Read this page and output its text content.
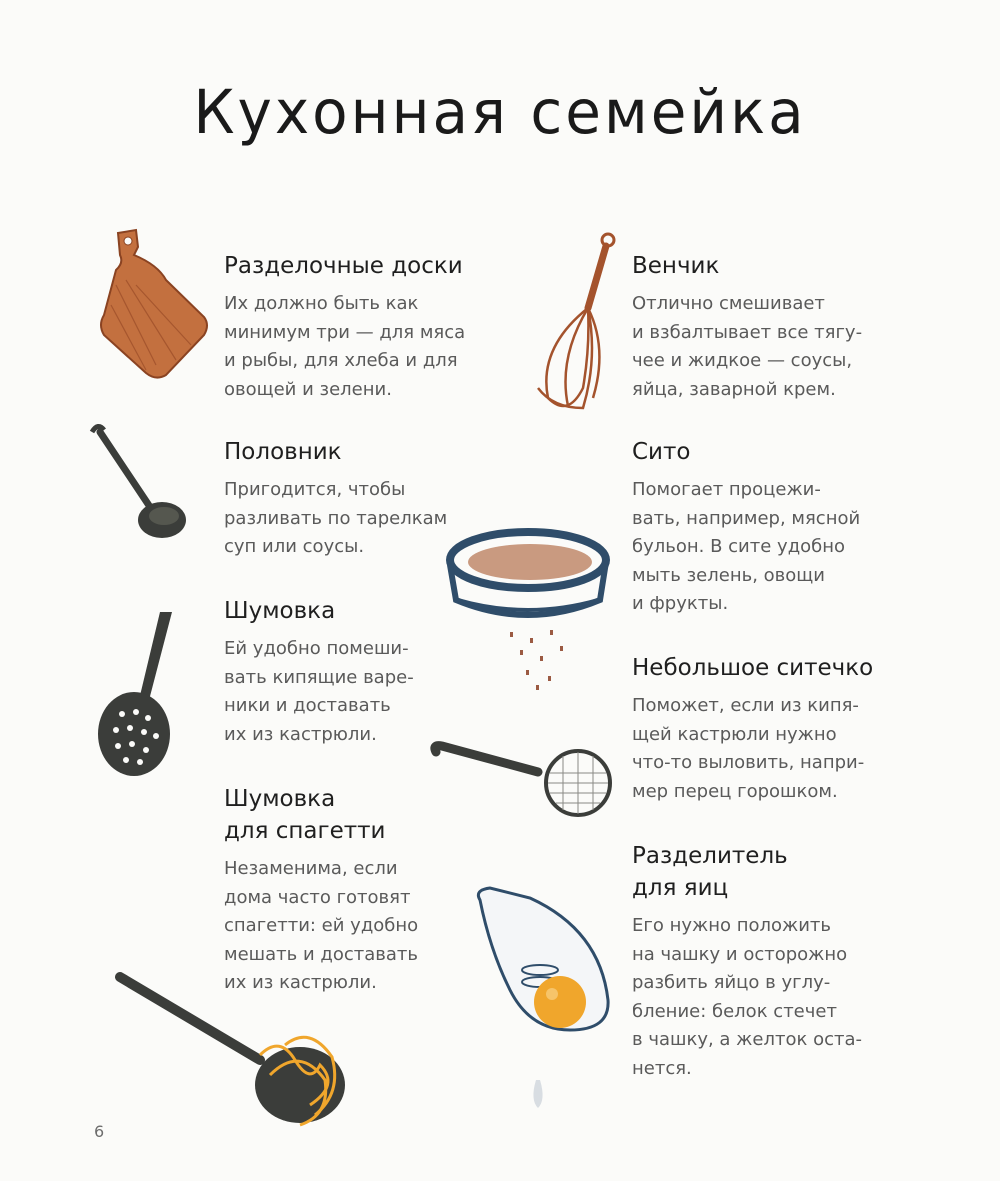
Кухонная семейка
Разделочные доски

Их должно быть как
минимум три — для мяса
и рыбы, для хлеба и для
овощей и зелени.

Половник

Пригодится, чтобы
разливать по тарелкам
суп или соусы.

Шумовка

Ей удобно помеши-
вать кипящие варе-
ники и доставать
их из кастрюли.

Шумовка
для спагетти

Незаменима, если
дома часто готовят
спагетти: ей удобно
мешать и доставать
их из кастрюли.

Венчик

Отлично смешивает
и взбалтывает все тягу-
чее и жидкое — соусы,
яйца, заварной крем.

Сито

Помогает процежи-
вать, например, мясной
бульон. В сите удобно
мыть зелень, овощи
и фрукты.

Небольшое ситечко

Поможет, если из кипя-
щей кастрюли нужно
что-то выловить, напри-
мер перец горошком.

Разделитель
для яиц

Его нужно положить
на чашку и осторожно
разбить яйцо в углу-
бление: белок стечет
в чашку, а желток оста-
нется.

6
